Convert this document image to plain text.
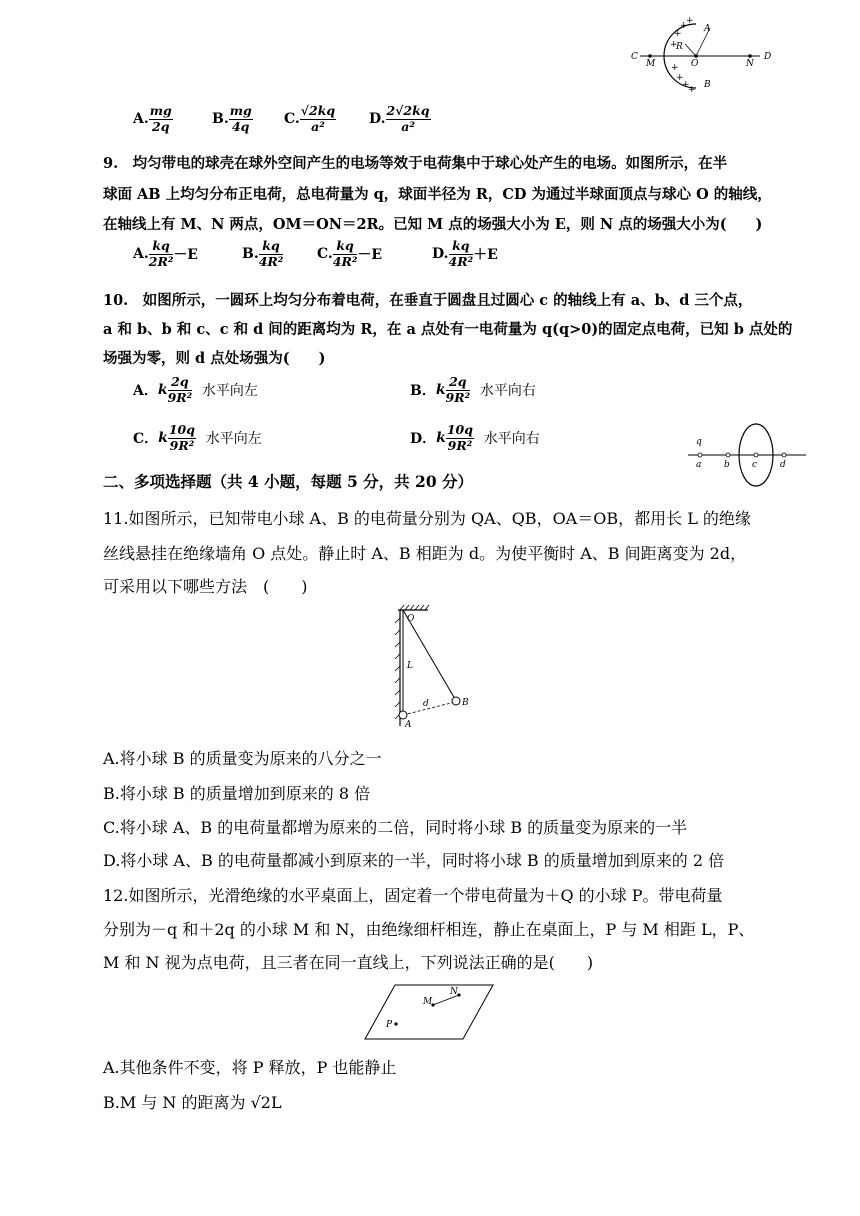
+
+
+
+
+
+
+
+
C
M	O	N
D
A
B
R
A. $\frac{mg}{2q}$	B. $\frac{mg}{4q} C$. $\frac{√2kq}{\text{a²}} D$. $\frac{2√2kq}{\text{a²}}$
9.　均匀带电的球壳在球外空间产生的电场等效于电荷集中于球心处产生的电场。如图所示，在半
球面 AB 上均匀分布正电荷，总电荷量为 q，球面半径为 R，CD 为通过半球面顶点与球心 O 的轴线，
在轴线上有 M、N 两点，OM＝ON＝2R。已知 M 点的场强大小为 E，则 N 点的场强大小为(　　)
A. $\frac{kq}{\text{2R²}} -E$	B. $\frac{kq}{\text{4R²}} C$. $\frac{kq}{\text{4R²}} -E$	D. $\frac{kq}{\text{4R²}} +E$
10.　如图所示，一圆环上均匀分布着电荷，在垂直于圆盘且过圆心 c 的轴线上有 a、b、d 三个点，
a 和 b、b 和 c、c 和 d 间的距离均为 R，在 a 点处有一电荷量为 q(q>0)的固定点电荷，已知 b 点处的
场强为零，则 d 点处场强为(　　)
A．k $\frac{2q}{\text{9R²}}$ 水平向左	B．k $\frac{2q}{\text{9R²}}$ 水平向右
C．k $\frac{10q}{\text{9R²}}$ 水平向左	D．k $\frac{10q}{\text{9R²}}$ 水平向右	q
a	b c	d
二、多项选择题（共 4 小题，每题 5 分，共 20 分）
11.如图所示，已知带电小球 A、B 的电荷量分别为 QA、QB，OA＝OB，都用长 L 的绝缘
丝线悬挂在绝缘墙角 O 点处。静止时 A、B 相距为 d。为使平衡时 A、B 间距离变为 2d，
可采用以下哪些方法　(　　)
O
L
d
A
B
A.将小球 B 的质量变为原来的八分之一
B.将小球 B 的质量增加到原来的 8 倍
C.将小球 A、B 的电荷量都增为原来的二倍，同时将小球 B 的质量变为原来的一半
D.将小球 A、B 的电荷量都减小到原来的一半，同时将小球 B 的质量增加到原来的 2 倍
12.如图所示，光滑绝缘的水平桌面上，固定着一个带电荷量为＋Q 的小球 P。带电荷量
分别为－q 和＋2q 的小球 M 和 N，由绝缘细杆相连，静止在桌面上，P 与 M 相距 L，P、
M 和 N 视为点电荷，且三者在同一直线上，下列说法正确的是(　　)
M
N
P
A.其他条件不变，将 P 释放，P 也能静止
B.M 与 N 的距离为 √2L
